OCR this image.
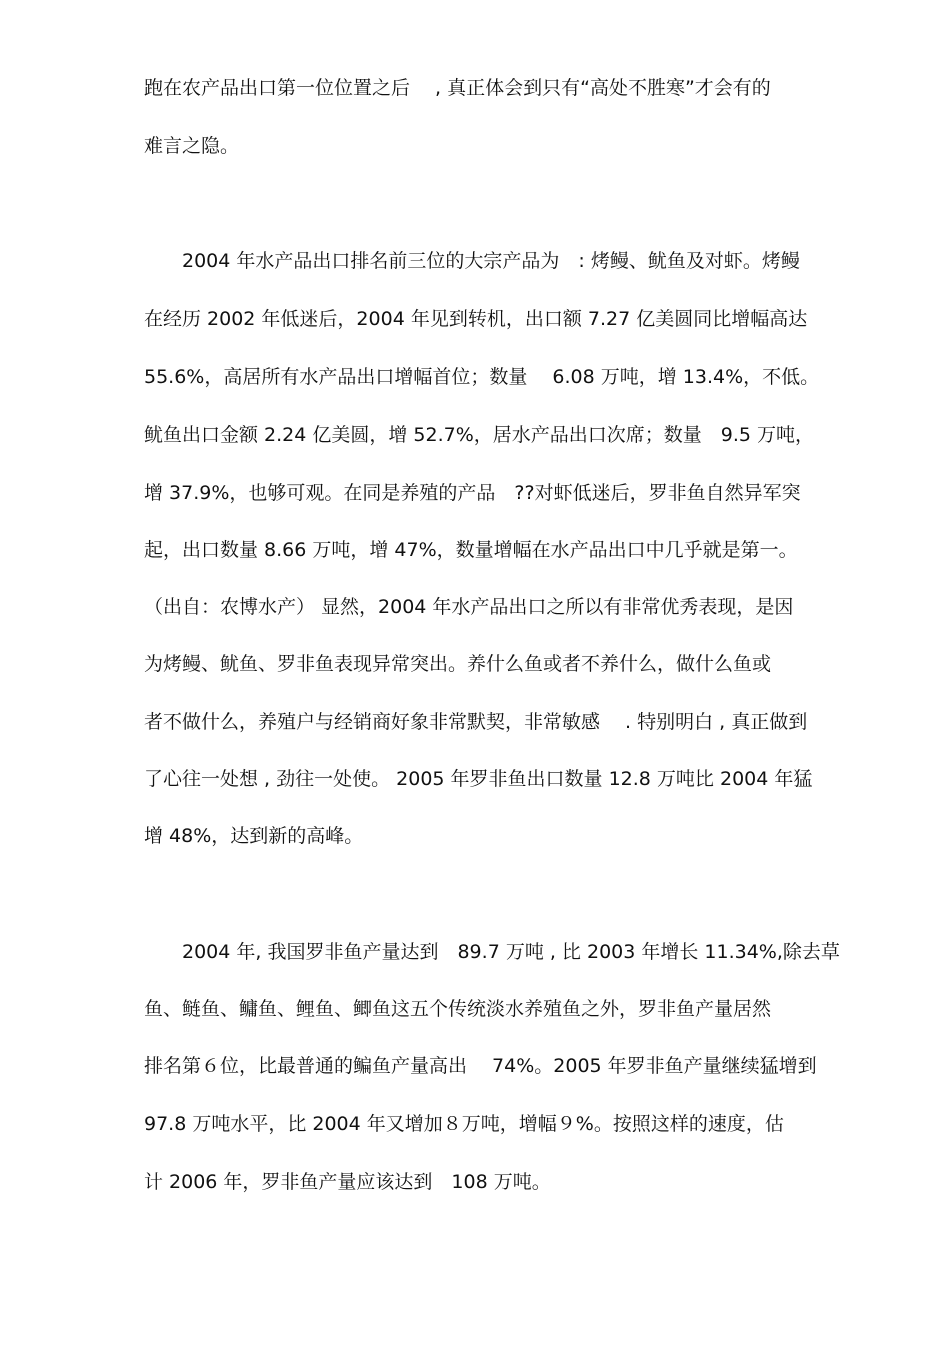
跑在农产品出口第一位位置之后　 , 真正体会到只有“高处不胜寒”才会有的
难言之隐。
　　2004 年水产品出口排名前三位的大宗产品为　: 烤鳗、鱿鱼及对虾。烤鳗
在经历 2002 年低迷后，2004 年见到转机，出口额 7.27 亿美圆同比增幅高达
55.6%，高居所有水产品出口增幅首位；数量　 6.08 万吨，增 13.4%，不低。
鱿鱼出口金额 2.24 亿美圆，增 52.7%，居水产品出口次席；数量　9.5 万吨，
增 37.9%，也够可观。在同是养殖的产品　??对虾低迷后，罗非鱼自然异军突
起，出口数量 8.66 万吨，增 47%，数量增幅在水产品出口中几乎就是第一。
（出自：农博水产） 显然，2004 年水产品出口之所以有非常优秀表现，是因
为烤鳗、鱿鱼、罗非鱼表现异常突出。养什么鱼或者不养什么，做什么鱼或
者不做什么，养殖户与经销商好象非常默契，非常敏感　 . 特别明白 , 真正做到
了心往一处想 , 劲往一处使。 2005 年罗非鱼出口数量 12.8 万吨比 2004 年猛
增 48%，达到新的高峰。
　　2004 年, 我国罗非鱼产量达到　89.7 万吨 , 比 2003 年增长 11.34%,除去草
鱼、鲢鱼、鳙鱼、鲤鱼、鲫鱼这五个传统淡水养殖鱼之外，罗非鱼产量居然
排名第６位，比最普通的鳊鱼产量高出　 74%。2005 年罗非鱼产量继续猛增到
97.8 万吨水平，比 2004 年又增加８万吨，增幅９%。按照这样的速度，估
计 2006 年，罗非鱼产量应该达到　108 万吨。
